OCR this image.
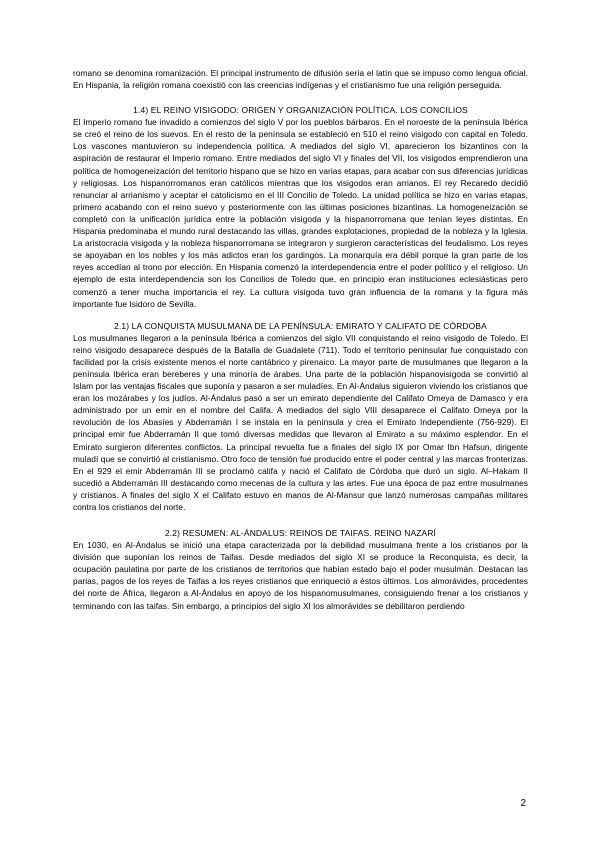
romano se denomina romanización. El principal instrumento de difusión sería el latín que se impuso como lengua oficial. En Hispania, la religión romana coexistió con las creencias indígenas y el cristianismo fue una religión perseguida.

1.4) EL REINO VISIGODO: ORIGEN Y ORGANIZACIÓN POLÍTICA. LOS CONCILIOS

El Imperio romano fue invadido a comienzos del siglo V por los pueblos bárbaros. En el noroeste de la península Ibérica se creó el reino de los suevos. En el resto de la península se estableció en 510 el reino visigodo con capital en Toledo. Los vascones mantuvieron su independencia política. A mediados del siglo VI, aparecieron los bizantinos con la aspiración de restaurar el Imperio romano. Entre mediados del siglo VI y finales del VII, los visigodos emprendieron una política de homogeneización del territorio hispano que se hizo en varias etapas, para acabar con sus diferencias jurídicas y religiosas. Los hispanorromanos eran católicos mientras que los visigodos eran arrianos. El rey Recaredo decidió renunciar al arrianismo y aceptar el catolicismo en el III Concilio de Toledo. La unidad política se hizo en varias etapas, primero acabando con el reino suevo y posteriormente con las últimas posiciones bizantinas. La homogeneización se completó con la unificación jurídica entre la población visigoda y la hispanorromana que tenían leyes distintas. En Hispania predominaba el mundo rural destacando las villas, grandes explotaciones, propiedad de la nobleza y la Iglesia. La aristocracia visigoda y la nobleza hispanorromana se integraron y surgieron características del feudalismo. Los reyes se apoyaban en los nobles y los más adictos eran los gardingos. La monarquía era débil porque la gran parte de los reyes accedían al trono por elección. En Hispania comenzó la interdependencia entre el poder político y el religioso. Un ejemplo de esta interdependencia son los Concilios de Toledo que, en principio eran instituciones eclesiásticas pero comenzó a tener mucha importancia el rey. La cultura visigoda tuvo gran influencia de la romana y la figura más importante fue Isidoro de Sevilla.

2.1) LA CONQUISTA MUSULMANA DE LA PENÍNSULA: EMIRATO Y CALIFATO DE CÓRDOBA

Los musulmanes llegaron a la península Ibérica a comienzos del siglo VII conquistando el reino visigodo de Toledo. El reino visigodo desaparece después de la Batalla de Guadalete (711). Todo el territorio peninsular fue conquistado con facilidad por la crisis existente menos el norte cantábrico y pirenaico. La mayor parte de musulmanes que llegaron a la península Ibérica eran bereberes y una minoría de árabes. Una parte de la población hispanovisigoda se convirtió al Islam por las ventajas fiscales que suponía y pasaron a ser muladíes. En Al-Ándalus siguieron viviendo los cristianos que eran los mozárabes y los judíos. Al-Ándalus pasó a ser un emirato dependiente del Califato Omeya de Damasco y era administrado por un emir en el nombre del Califa. A mediados del siglo VIII desaparece el Califato Omeya por la revolución de los Abasíes y Abderramán I se instala en la península y crea el Emirato Independiente (756-929). El principal emir fue Abderramán II que tomó diversas medidas que llevaron al Emirato a su máximo esplendor. En el Emirato surgieron diferentes conflictos. La principal revuelta fue a finales del siglo IX por Omar Ibn Hafsun, dirigente muladí que se convirtió al cristianismo. Otro foco de tensión fue producido entre el poder central y las marcas fronterizas. En el 929 el emir Abderramán III se proclamó califa y nació el Califato de Córdoba que duró un siglo. Al–Hakam II sucedió a Abderramán III destacando como mecenas de la cultura y las artes. Fue una época de paz entre musulmanes y cristianos. A finales del siglo X el Califato estuvo en manos de Al-Mansur que lanzó numerosas campañas militares contra los cristianos del norte.

2.2) RESUMEN: AL-ÁNDALUS: REINOS DE TAIFAS. REINO NAZARÍ

En 1030, en Al-Ándalus se inició una etapa caracterizada por la debilidad musulmana frente a los cristianos por la división que suponían los reinos de Taifas. Desde mediados del siglo XI se produce la Reconquista, es decir, la ocupación paulatina por parte de los cristianos de territorios que habían estado bajo el poder musulmán. Destacan las parias, pagos de los reyes de Taifas a los reyes cristianos que enriqueció a éstos últimos. Los almorávides, procedentes del norte de África, llegaron a Al-Ándalus en apoyo de los hispanomusulmanes, consiguiendo frenar a los cristianos y terminando con las taifas. Sin embargo, a principios del siglo XI los almorávides se debilitaron perdiendo

2
